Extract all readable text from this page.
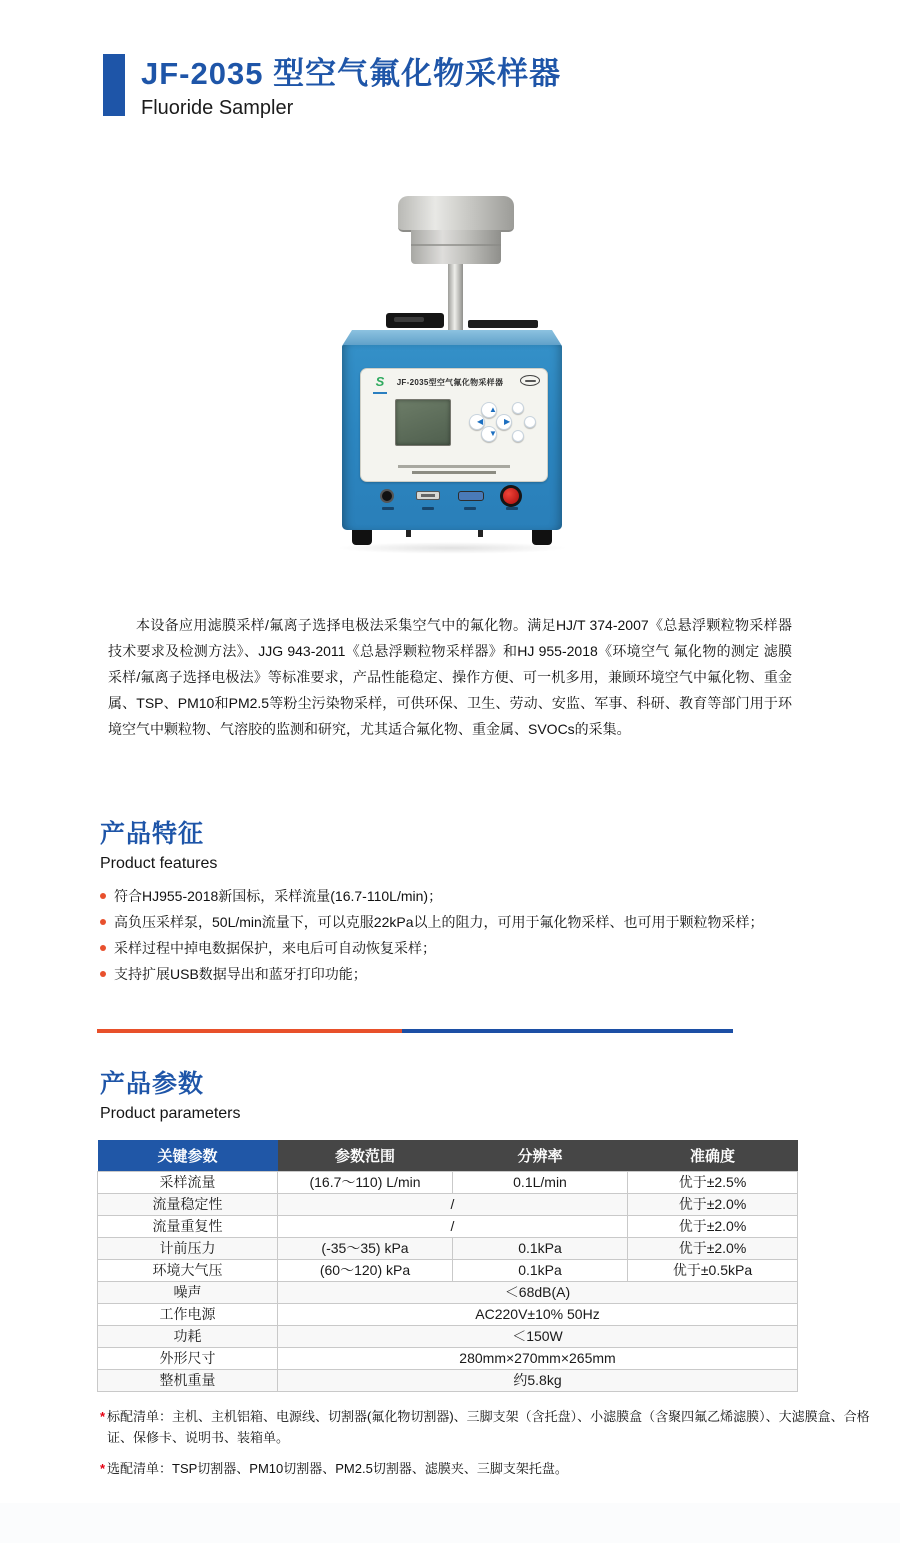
JF-2035 型空气氟化物采样器
Fluoride Sampler
S	JF-2035型空气氟化物采样器
▲
◀	▶
▼

本设备应用滤膜采样/氟离子选择电极法采集空气中的氟化物。满足HJ/T 374-2007《总悬浮颗粒物采样器技术要求及检测方法》、JJG 943-2011《总悬浮颗粒物采样器》和HJ 955-2018《环境空气 氟化物的测定 滤膜采样/氟离子选择电极法》等标准要求，产品性能稳定、操作方便、可一机多用，兼顾环境空气中氟化物、重金属、TSP、PM10和PM2.5等粉尘污染物采样，可供环保、卫生、劳动、安监、军事、科研、教育等部门用于环境空气中颗粒物、气溶胶的监测和研究，尤其适合氟化物、重金属、SVOCs的采集。

产品特征
Product features
符合HJ955-2018新国标，采样流量(16.7-110L/min)；
高负压采样泵，50L/min流量下，可以克服22kPa以上的阻力，可用于氟化物采样、也可用于颗粒物采样；
采样过程中掉电数据保护，来电后可自动恢复采样；
支持扩展USB数据导出和蓝牙打印功能；
产品参数
Product parameters
关键参数	参数范围	分辨率	准确度
采样流量	(16.7～110) L/min	0.1L/min	优于±2.5%
流量稳定性	/		优于±2.0%
流量重复性	/		优于±2.0%
计前压力	(-35～35) kPa	0.1kPa	优于±2.0%
环境大气压	(60～120) kPa	0.1kPa	优于±0.5kPa
噪声	＜68dB(A)		
工作电源	AC220V±10% 50Hz		
功耗	＜150W		
外形尺寸	280mm×270mm×265mm		
整机重量	约5.8kg		
* 标配清单：主机、主机铝箱、电源线、切割器(氟化物切割器)、三脚支架（含托盘）、小滤膜盒（含聚四氟乙烯滤膜）、大滤膜盒、合格证、保修卡、说明书、装箱单。
* 选配清单：TSP切割器、PM10切割器、PM2.5切割器、滤膜夹、三脚支架托盘。
